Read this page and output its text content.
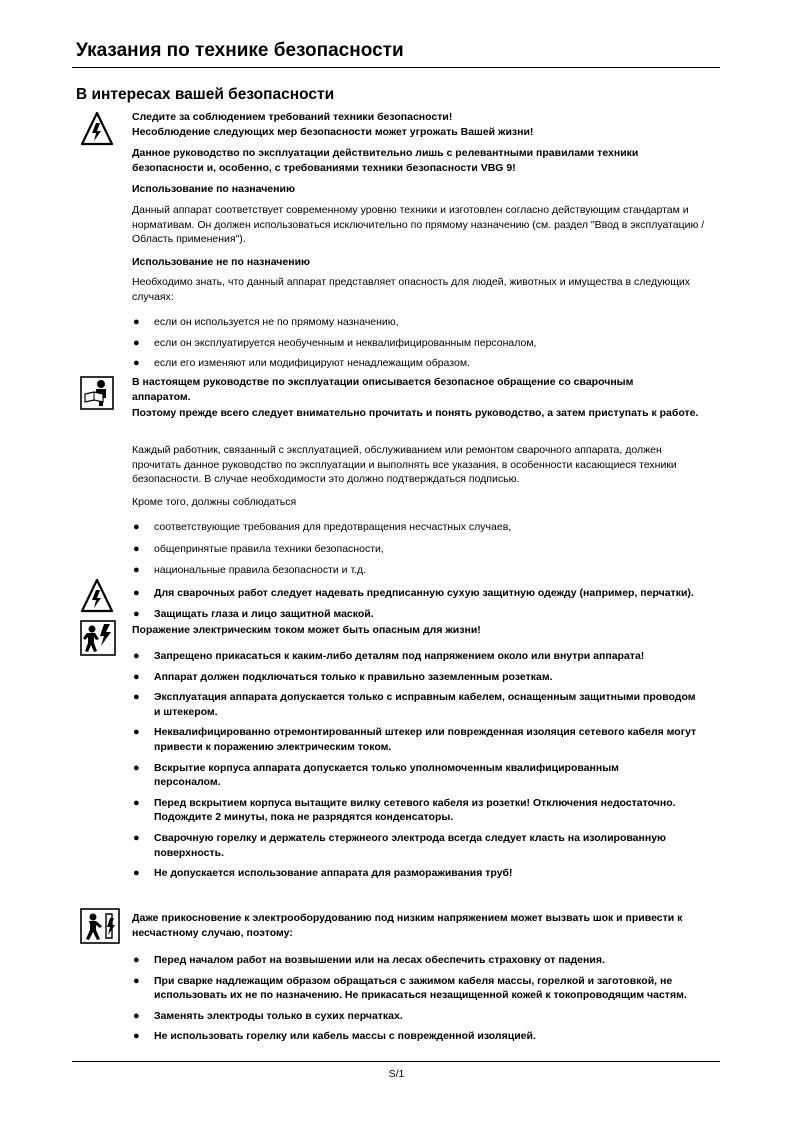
Указания по технике безопасности
В интересах вашей безопасности
Следите за соблюдением требований техники безопасности!
Несоблюдение следующих мер безопасности может угрожать Вашей жизни!
Данное руководство по эксплуатации действительно лишь с релевантными правилами техники безопасности и, особенно, с требованиями техники безопасности VBG 9!
Использование по назначению
Данный аппарат соответствует современному уровню техники и изготовлен согласно действующим стандартам и нормативам. Он должен использоваться исключительно по прямому назначению (см. раздел "Ввод в эксплуатацию / Область применения").
Использование не по назначению
Необходимо знать, что данный аппарат представляет опасность для людей, животных и имущества в следующих случаях:
● если он используется не по прямому назначению,
● если он эксплуатируется необученным и неквалифицированным персоналом,
● если его изменяют или модифицируют ненадлежащим образом.
В настоящем руководстве по эксплуатации описывается безопасное обращение со сварочным аппаратом.
Поэтому прежде всего следует внимательно прочитать и понять руководство, а затем приступать к работе.
Каждый работник, связанный с эксплуатацией, обслуживанием или ремонтом сварочного аппарата, должен прочитать данное руководство по эксплуатации и выполнять все указания, в особенности касающиеся техники безопасности. В случае необходимости это должно подтверждаться подписью.
Кроме того, должны соблюдаться
● соответствующие требования для предотвращения несчастных случаев,
● общепринятые правила техники безопасности,
● национальные правила безопасности и т.д.
● Для сварочных работ следует надевать предписанную сухую защитную одежду (например, перчатки).
● Защищать глаза и лицо защитной маской.
Поражение электрическим током может быть опасным для жизни!
● Запрещено прикасаться к каким-либо деталям под напряжением около или внутри аппарата!
● Аппарат должен подключаться только к правильно заземленным розеткам.
● Эксплуатация аппарата допускается только с исправным кабелем, оснащенным защитными проводом и штекером.
● Неквалифицированно отремонтированный штекер или поврежденная изоляция сетевого кабеля могут привести к поражению электрическим током.
● Вскрытие корпуса аппарата допускается только уполномоченным квалифицированным персоналом.
● Перед вскрытием корпуса вытащите вилку сетевого кабеля из розетки! Отключения недостаточно. Подождите 2 минуты, пока не разрядятся конденсаторы.
● Сварочную горелку и держатель стержнеого электрода всегда следует класть на изолированную поверхность.
● Не допускается использование аппарата для размораживания труб!
Даже прикосновение к электрооборудованию под низким напряжением может вызвать шок и привести к несчастному случаю, поэтому:
● Перед началом работ на возвышении или на лесах обеспечить страховку от падения.
● При сварке надлежащим образом обращаться с зажимом кабеля массы, горелкой и заготовкой, не использовать их не по назначению. Не прикасаться незащищенной кожей к токопроводящим частям.
● Заменять электроды только в сухих перчатках.
● Не использовать горелку или кабель массы с поврежденной изоляцией.
S/1
